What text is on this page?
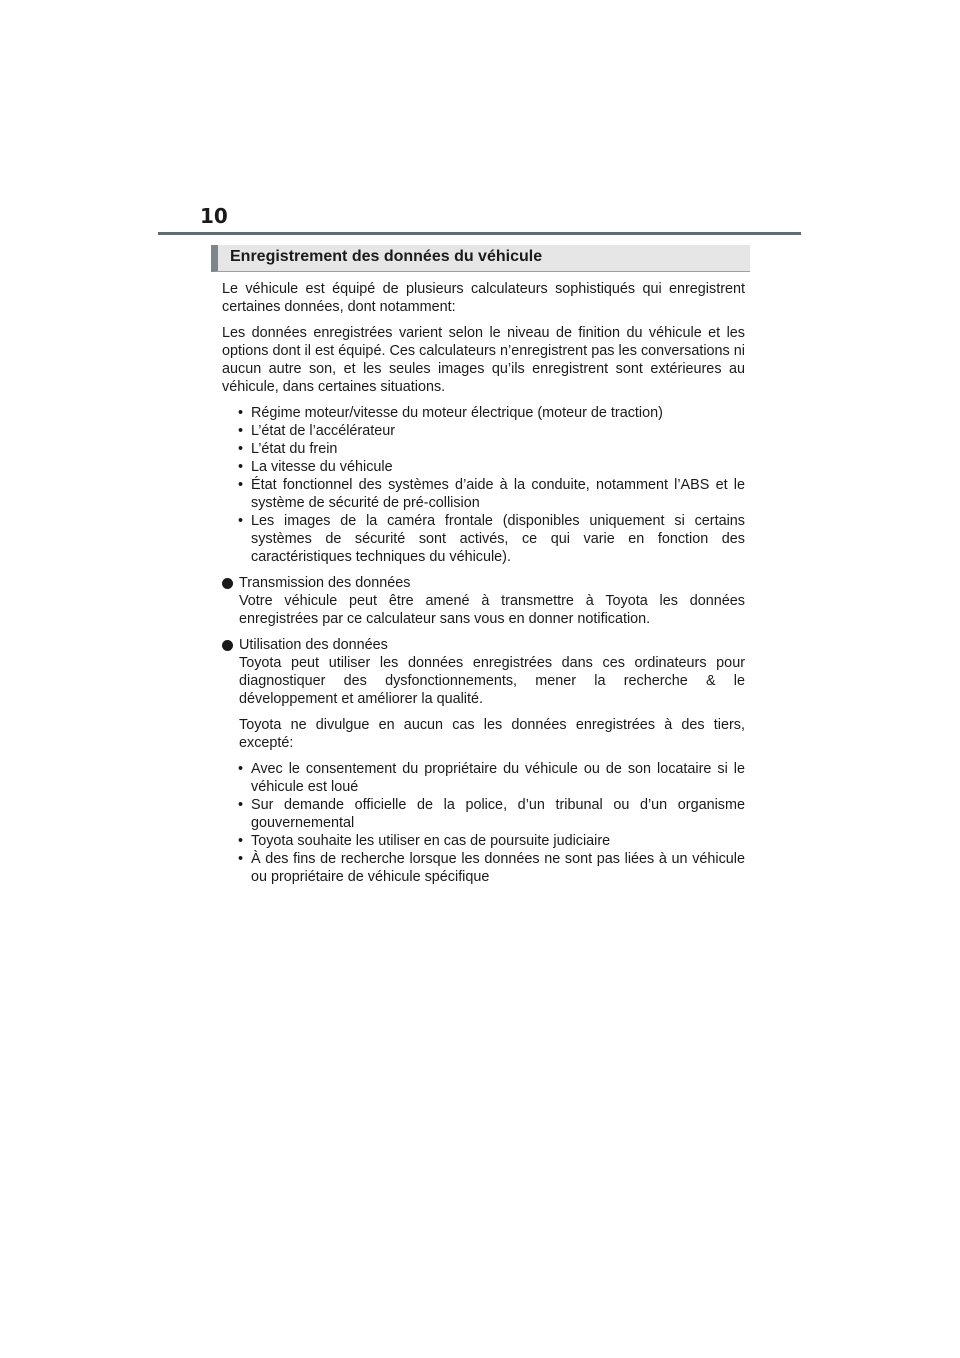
10
Enregistrement des données du véhicule

Le véhicule est équipé de plusieurs calculateurs sophistiqués qui enregistrent certaines données, dont notamment:

Les données enregistrées varient selon le niveau de finition du véhicule et les options dont il est équipé. Ces calculateurs n’enregistrent pas les conversations ni aucun autre son, et les seules images qu’ils enregistrent sont extérieures au véhicule, dans certaines situations.

• Régime moteur/vitesse du moteur électrique (moteur de traction)
• L’état de l’accélérateur
• L’état du frein
• La vitesse du véhicule
• État fonctionnel des systèmes d’aide à la conduite, notamment l’ABS et le système de sécurité de pré-collision
• Les images de la caméra frontale (disponibles uniquement si certains systèmes de sécurité sont activés, ce qui varie en fonction des caractéristiques techniques du véhicule).
Transmission des données
Votre véhicule peut être amené à transmettre à Toyota les données enregistrées par ce calculateur sans vous en donner notification.
Utilisation des données
Toyota peut utiliser les données enregistrées dans ces ordinateurs pour diagnostiquer des dysfonctionnements, mener la recherche & le développement et améliorer la qualité.

Toyota ne divulgue en aucun cas les données enregistrées à des tiers, excepté:

• Avec le consentement du propriétaire du véhicule ou de son locataire si le véhicule est loué
• Sur demande officielle de la police, d’un tribunal ou d’un organisme gouvernemental
• Toyota souhaite les utiliser en cas de poursuite judiciaire
• À des fins de recherche lorsque les données ne sont pas liées à un véhicule ou propriétaire de véhicule spécifique
